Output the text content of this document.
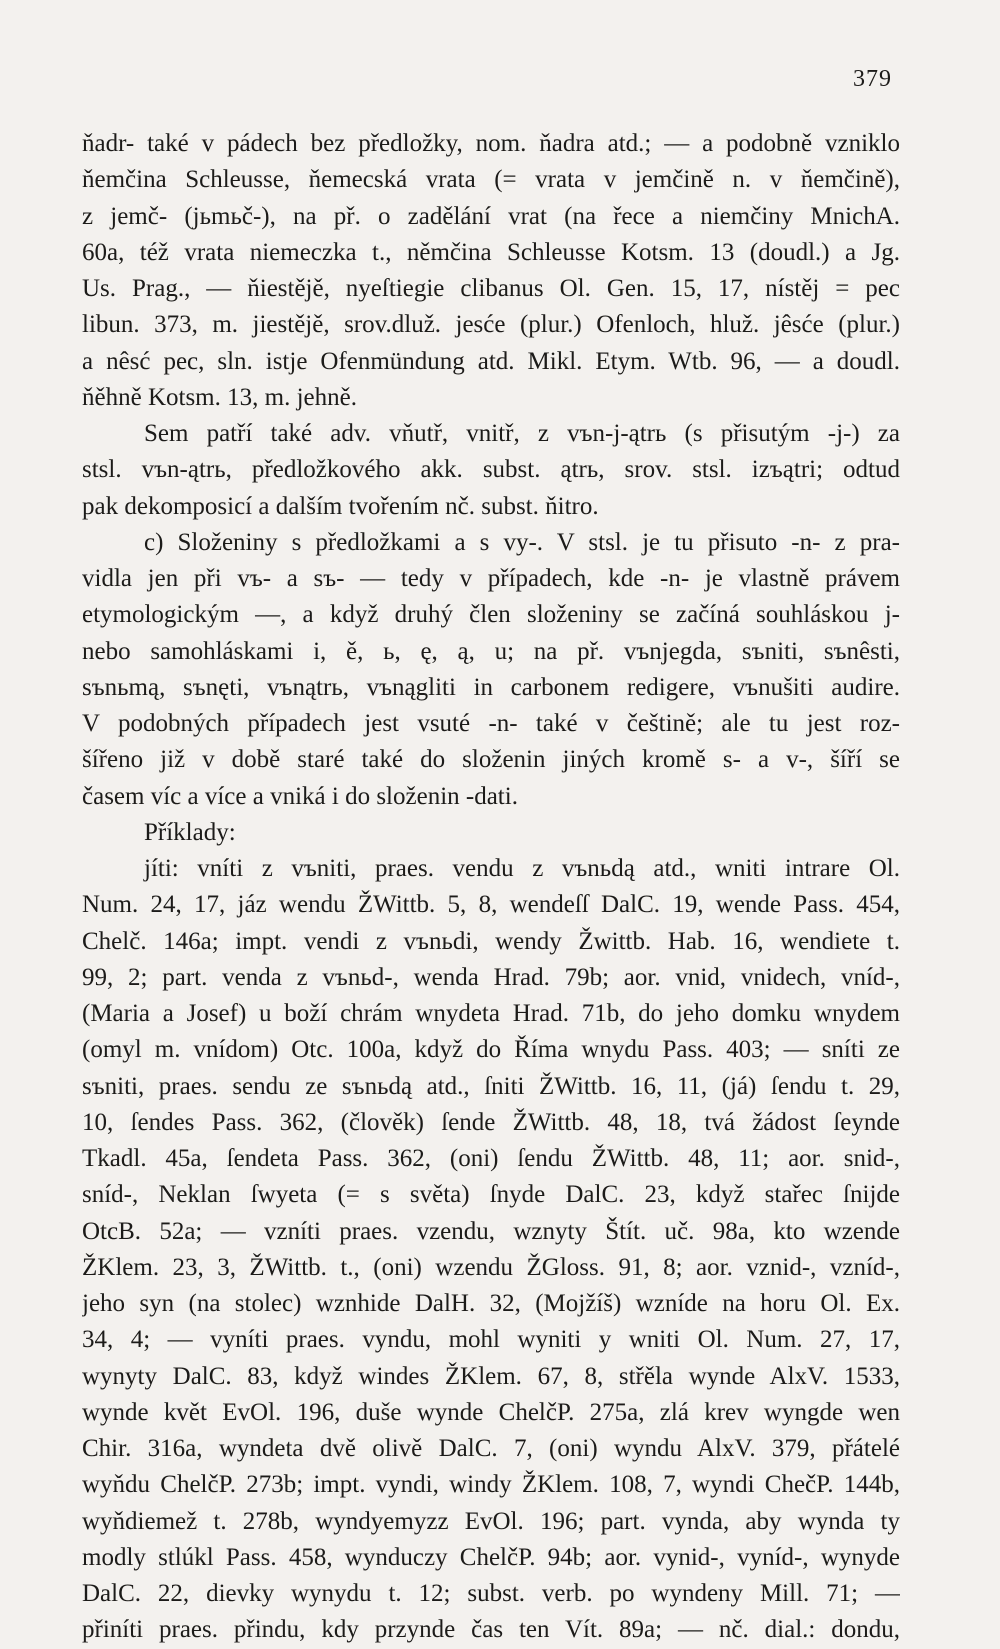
379
ňadr- také v pádech bez předložky, nom. ňadra atd.; — a podobně vzniklo
ňemčina Schleusse, ňemecská vrata (= vrata v jemčině n. v ňemčině),
z jemč- (jьmьč-), na př. o zadělání vrat (na řece a niemčiny MnichA.
60a, též vrata niemeczka t., němčina Schleusse Kotsm. 13 (doudl.) a Jg.
Us. Prag., — ňiestějě, nyeſtiegie clibanus Ol. Gen. 15, 17, nístěj = pec
libun. 373, m. jiestějě, srov.dluž. jesće (plur.) Ofenloch, hluž. jêsće (plur.)
a nêsć pec, sln. istje Ofenmündung atd. Mikl. Etym. Wtb. 96, — a doudl.
ňěhně Kotsm. 13, m. jehně.
Sem patří také adv. vňutř, vnitř, z vъn-j-ątrь (s přisutým -j-) za
stsl. vъn-ątrь, předložkového akk. subst. ątrь, srov. stsl. izъątri; odtud
pak dekomposicí a dalším tvořením nč. subst. ňitro.
c) Složeniny s předložkami a s vy-. V stsl. je tu přisuto -n- z pra-
vidla jen při vъ- a sъ- — tedy v případech, kde -n- je vlastně právem
etymologickým —, a když druhý člen složeniny se začíná souhláskou j-
nebo samohláskami i, ě, ь, ę, ą, u; na př. vъnjegda, sъniti, sъnêsti,
sъnьmą, sъnęti, vъnątrь, vъnągliti in carbonem redigere, vъnušiti audire.
V podobných případech jest vsuté -n- také v češtině; ale tu jest roz-
šířeno již v době staré také do složenin jiných kromě s- a v-, šíří se
časem víc a více a vniká i do složenin -dati.
Příklady:
jíti: vníti z vъniti, praes. vendu z vъnьdą atd., wniti intrare Ol.
Num. 24, 17, jáz wendu ŽWittb. 5, 8, wendeſſ DalC. 19, wende Pass. 454,
Chelč. 146a; impt. vendi z vъnьdi, wendy Žwittb. Hab. 16, wendiete t.
99, 2; part. venda z vъnьd-, wenda Hrad. 79b; aor. vnid, vnidech, vníd-,
(Maria a Josef) u boží chrám wnydeta Hrad. 71b, do jeho domku wnydem
(omyl m. vnídom) Otc. 100a, když do Říma wnydu Pass. 403; — sníti ze
sъniti, praes. sendu ze sъnьdą atd., ſniti ŽWittb. 16, 11, (já) ſendu t. 29,
10, ſendes Pass. 362, (člověk) ſende ŽWittb. 48, 18, tvá žádost ſeynde
Tkadl. 45a, ſendeta Pass. 362, (oni) ſendu ŽWittb. 48, 11; aor. snid-,
sníd-, Neklan ſwyeta (= s světa) ſnyde DalC. 23, když stařec ſnijde
OtcB. 52a; — vzníti praes. vzendu, wznyty Štít. uč. 98a, kto wzende
ŽKlem. 23, 3, ŽWittb. t., (oni) wzendu ŽGloss. 91, 8; aor. vznid-, vzníd-,
jeho syn (na stolec) wznhide DalH. 32, (Mojžíš) wzníde na horu Ol. Ex.
34, 4; — vyníti praes. vyndu, mohl wyniti y wniti Ol. Num. 27, 17,
wynyty DalC. 83, když windes ŽKlem. 67, 8, střěla wynde AlxV. 1533,
wynde květ EvOl. 196, duše wynde ChelčP. 275a, zlá krev wyngde wen
Chir. 316a, wyndeta dvě olivě DalC. 7, (oni) wyndu AlxV. 379, přátelé
wyňdu ChelčP. 273b; impt. vyndi, windy ŽKlem. 108, 7, wyndi ChečP. 144b,
wyňdiemež t. 278b, wyndyemyzz EvOl. 196; part. vynda, aby wynda ty
modly stlúkl Pass. 458, wynduczy ChelčP. 94b; aor. vynid-, vyníd-, wynyde
DalC. 22, dievky wynydu t. 12; subst. verb. po wyndeny Mill. 71; —
přiníti praes. přindu, kdy przynde čas ten Vít. 89a; — nč. dial.: dondu,
